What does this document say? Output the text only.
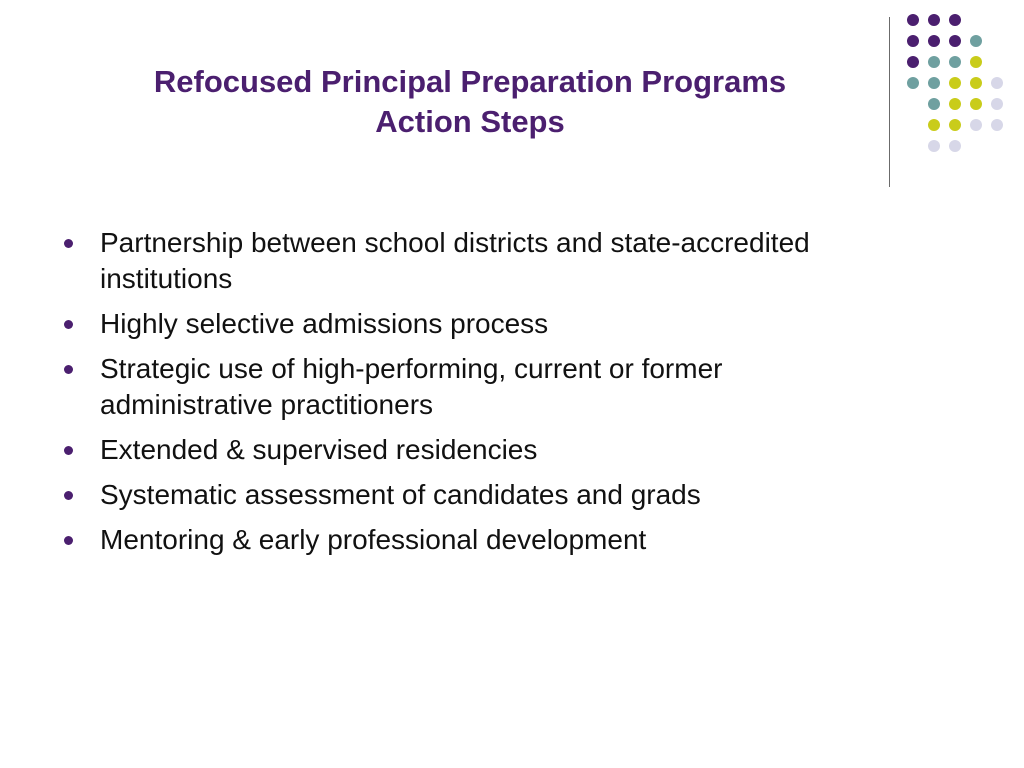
Refocused Principal Preparation Programs
Action Steps
Partnership between school districts and state-accredited institutions
Highly selective admissions process
Strategic use of high-performing, current or former administrative practitioners
Extended & supervised residencies
Systematic assessment of candidates and grads
Mentoring & early professional development
